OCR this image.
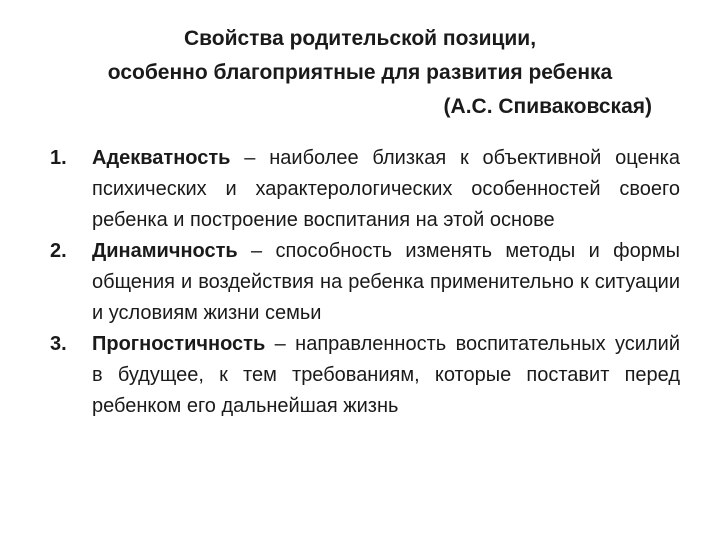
Свойства родительской позиции,
особенно благоприятные для развития ребенка
(А.С. Спиваковская)
1. Адекватность – наиболее близкая к объективной оценка психических и характерологических особенностей своего ребенка и построение воспитания на этой основе
2. Динамичность – способность изменять методы и формы общения и воздействия на ребенка применительно к ситуации и условиям жизни семьи
3. Прогностичность – направленность воспитательных усилий в будущее, к тем требованиям, которые поставит перед ребенком его дальнейшая жизнь
